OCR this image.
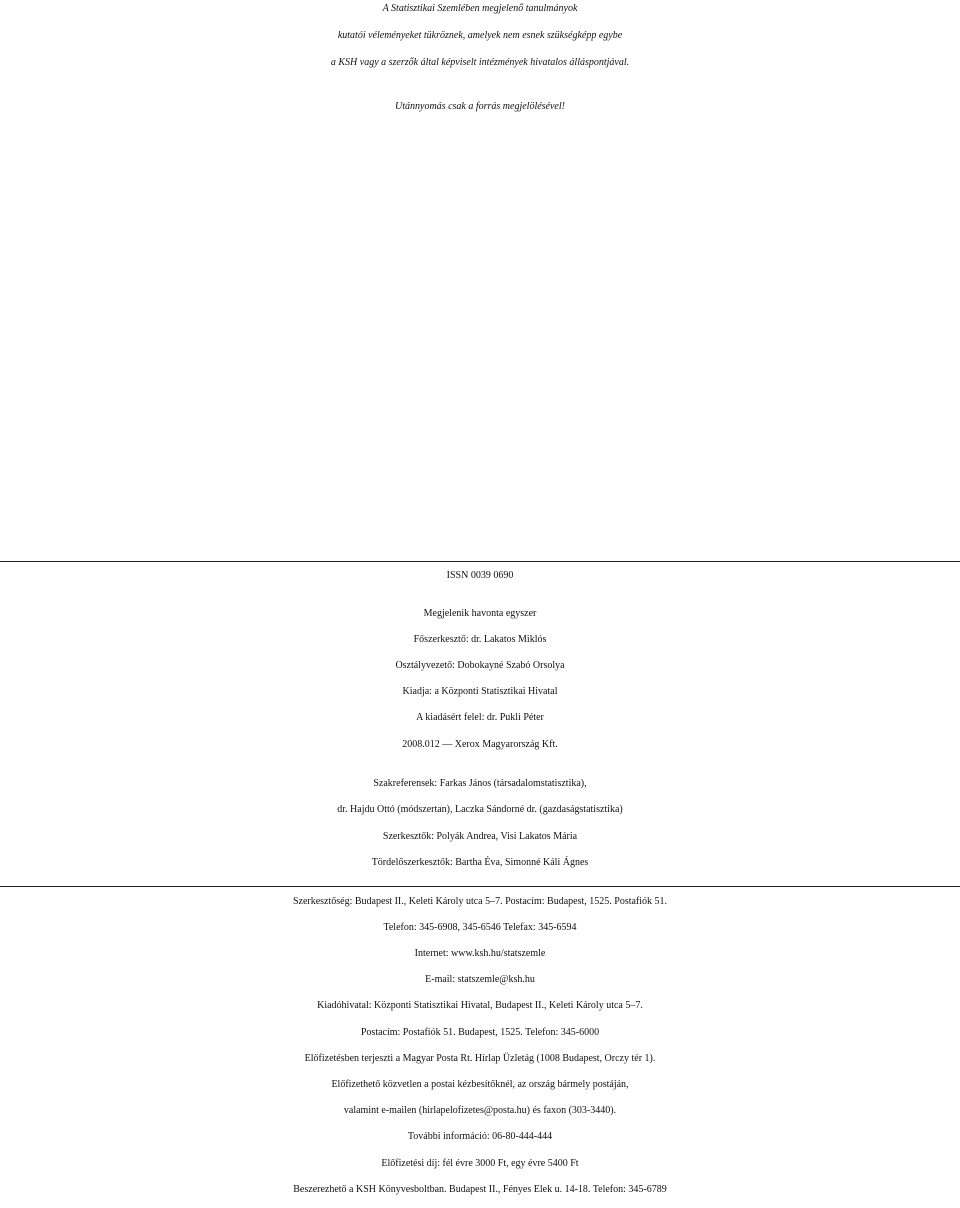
A Statisztikai Szemlében megjelenő tanulmányok
kutatói véleményeket tükröznek, amelyek nem esnek szükségképp egybe
a KSH vagy a szerzők által képviselt intézmények hivatalos álláspontjával.
Utánnyomás csak a forrás megjelölésével!
ISSN 0039 0690
Megjelenik havonta egyszer
Főszerkesztő: dr. Lakatos Miklós
Osztályvezető: Dobokayné Szabó Orsolya
Kiadja: a Központi Statisztikai Hivatal
A kiadásért felel: dr. Pukli Péter
2008.012 — Xerox Magyarország Kft.
Szakreferensek: Farkas János (társadalomstatisztika),
dr. Hajdu Ottó (módszertan), Laczka Sándorné dr. (gazdaságstatisztika)
Szerkesztők: Polyák Andrea, Visi Lakatos Mária
Tördelőszerkesztők: Bartha Éva, Simonné Káli Ágnes
Szerkesztőség: Budapest II., Keleti Károly utca 5–7. Postacím: Budapest, 1525. Postafiók 51.
Telefon: 345-6908, 345-6546 Telefax: 345-6594
Internet: www.ksh.hu/statszemle
E-mail: statszemle@ksh.hu
Kiadóhivatal: Központi Statisztikai Hivatal, Budapest II., Keleti Károly utca 5–7.
Postacím: Postafiók 51. Budapest, 1525. Telefon: 345-6000
Előfizetésben terjeszti a Magyar Posta Rt. Hírlap Üzletág (1008 Budapest, Orczy tér 1).
Előfizethető közvetlen a postai kézbesítőknél, az ország bármely postáján,
valamint e-mailen (hirlapelofizetes@posta.hu) és faxon (303-3440).
További információ: 06-80-444-444
Előfizetési díj: fél évre 3000 Ft, egy évre 5400 Ft
Beszerezhető a KSH Könyvesboltban. Budapest II., Fényes Elek u. 14-18. Telefon: 345-6789
